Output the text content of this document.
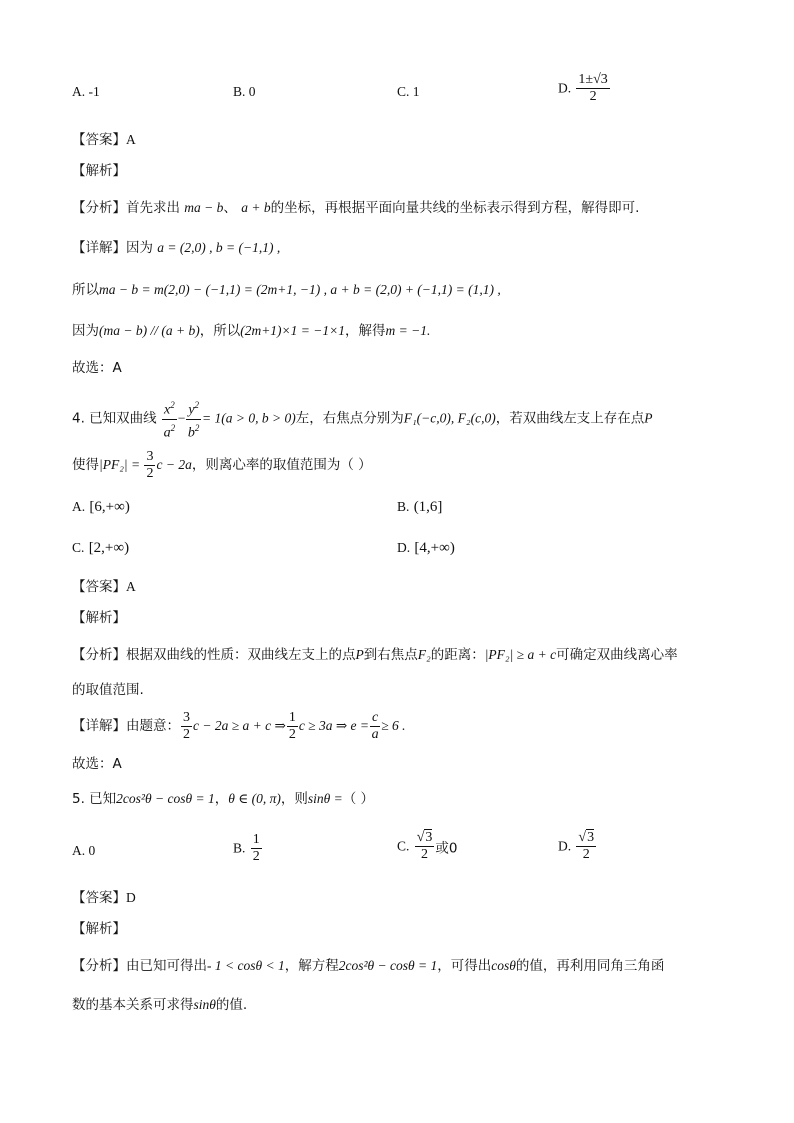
A. -1	B. 0	C. 1	D. $\frac{1\pm√3}{2}$
【答案】A
【解析】
【分析】首先求出 ma − b、 a + b的坐标，再根据平面向量共线的坐标表示得到方程，解得即可.
【详解】因为 a = (2,0) , b = (−1,1) ,
所以ma − b = m(2,0) − (−1,1) = (2m+1, −1) , a + b = (2,0) + (−1,1) = (1,1) ,
因为(ma − b) // (a + b)，所以(2m+1)×1 = −1×1，解得m = −1.
故选：A
4. 已知双曲线 $\frac{x^2}{a^2} - \frac{y^2}{b^2} = 1(a > 0$, b > 0)左，右焦点分别为F₁(−c,0), F₂(c,0)，若双曲线左支上存在点P
使得$|PF_2| = \frac{3}{2}$ c − 2a，则离心率的取值范围为（ ）
A. [6,+∞)	B. (1,6]
C. [2,+∞)	D. [4,+∞)
【答案】A
【解析】
【分析】根据双曲线的性质：双曲线左支上的点P到右焦点F₂的距离：|PF₂| ≥ a + c可确定双曲线离心率
的取值范围.
【详解】由题意： $\frac{3}{2}$ c − 2a ≥ a + c ⇒ $\frac{1}{2}$ c ≥ 3a ⇒ $e = \frac{c}{a} \ge 6$ .
故选：A
5. 已知2cos²θ − cosθ = 1，θ ∈ (0, π)，则sinθ =（ ）
A. 0	B. $\frac{1}{2}$	C. $\frac{√3}{2}$ 或0	D. $\frac{√3}{2}$
【答案】D
【解析】
【分析】由已知可得出- 1 < cosθ < 1，解方程2cos²θ − cosθ = 1，可得出cosθ的值，再利用同角三角函
数的基本关系可求得sinθ的值.
